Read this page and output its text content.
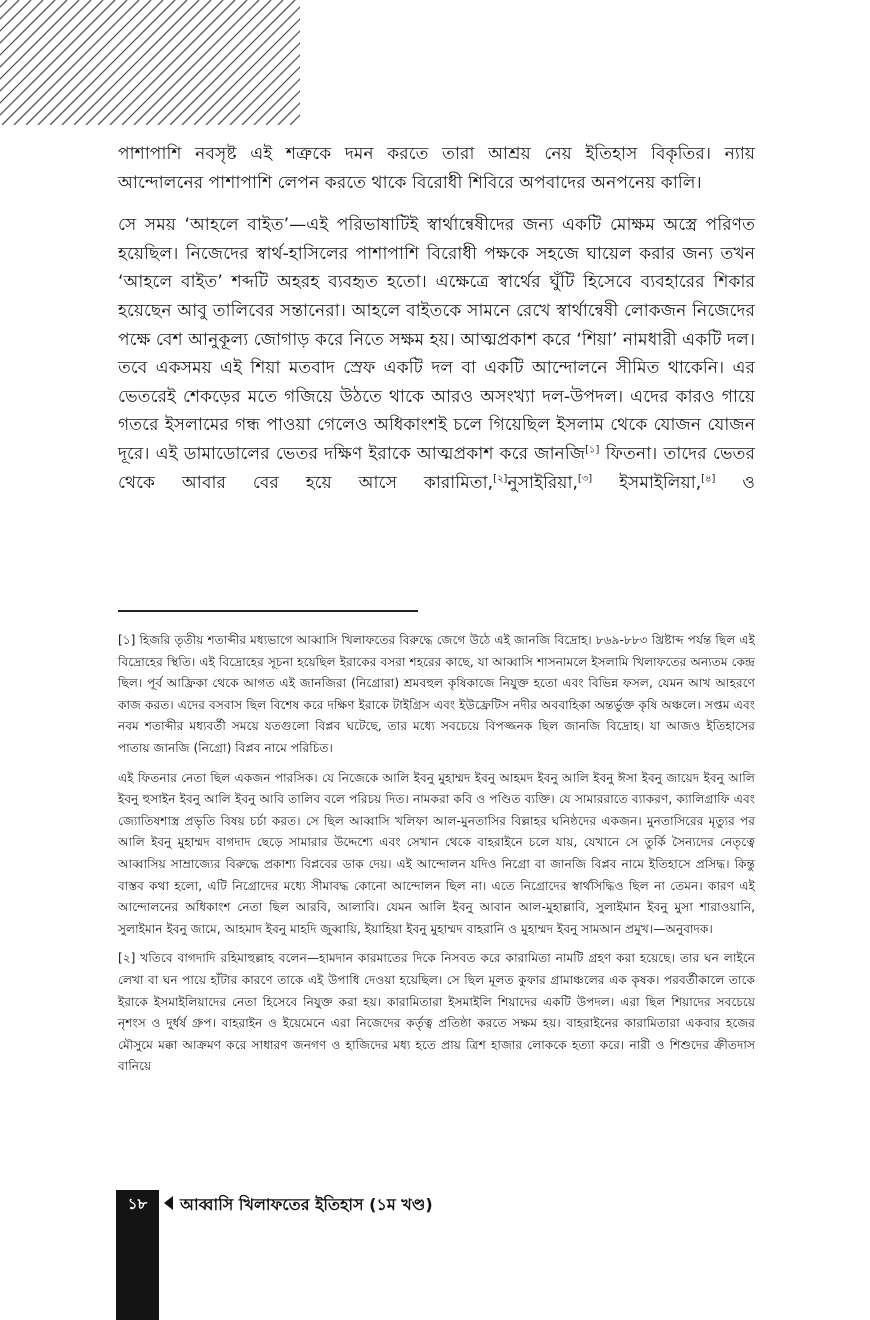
পাশাপাশি নবসৃষ্ট এই শত্রুকে দমন করতে তারা আশ্রয় নেয় ইতিহাস বিকৃতির। ন্যায় আন্দোলনের পাশাপাশি লেপন করতে থাকে বিরোধী শিবিরে অপবাদের অনপনেয় কালি।

সে সময় ‘আহলে বাইত’—এই পরিভাষাটিই স্বার্থান্বেষীদের জন্য একটি মোক্ষম অস্ত্রে পরিণত হয়েছিল। নিজেদের স্বার্থ-হাসিলের পাশাপাশি বিরোধী পক্ষকে সহজে ঘায়েল করার জন্য তখন ‘আহলে বাইত’ শব্দটি অহরহ ব্যবহৃত হতো। এক্ষেত্রে স্বার্থের ঘুঁটি হিসেবে ব্যবহারের শিকার হয়েছেন আবু তালিবের সন্তানেরা। আহলে বাইতকে সামনে রেখে স্বার্থান্বেষী লোকজন নিজেদের পক্ষে বেশ আনুকূল্য জোগাড় করে নিতে সক্ষম হয়। আত্মপ্রকাশ করে ‘শিয়া’ নামধারী একটি দল। তবে একসময় এই শিয়া মতবাদ স্রেফ একটি দল বা একটি আন্দোলনে সীমিত থাকেনি। এর ভেতরেই শেকড়ের মতে গজিয়ে উঠতে থাকে আরও অসংখ্যা দল-উপদল। এদের কারও গায়ে গতরে ইসলামের গন্ধ পাওয়া গেলেও অধিকাংশই চলে গিয়েছিল ইসলাম থেকে যোজন যোজন দূরে। এই ডামাডোলের ভেতর দক্ষিণ ইরাকে আত্মপ্রকাশ করে জানজি[১] ফিতনা। তাদের ভেতর থেকে আবার বের হয়ে আসে কারামিতা,[২]নুসাইরিয়া,[৩] ইসমাইলিয়া,[৪] ও

[১] হিজরি তৃতীয় শতাব্দীর মধ্যভাগে আব্বাসি খিলাফতের বিরুদ্ধে জেগে উঠে এই জানজি বিদ্রোহ। ৮৬৯-৮৮৩ খ্রিষ্টাব্দ পর্যন্ত ছিল এই বিদ্রোহের স্থিতি। এই বিদ্রোহের সূচনা হয়েছিল ইরাকের বসরা শহরের কাছে, যা আব্বাসি শাসনামলে ইসলামি খিলাফতের অন্যতম কেন্দ্র ছিল। পূর্ব আফ্রিকা থেকে আগত এই জানজিরা (নিগ্রোরা) শ্রমবহুল কৃষিকাজে নিযুক্ত হতো এবং বিভিন্ন ফসল, যেমন আখ আহরণে কাজ করত। এদের বসবাস ছিল বিশেষ করে দক্ষিণ ইরাকে টাইগ্রিস এবং ইউফ্রেটিস নদীর অববাহিকা অন্তর্ভুক্ত কৃষি অঞ্চলে। সপ্তম এবং নবম শতাব্দীর মধ্যবর্তী সময়ে যতগুলো বিপ্লব ঘটেছে, তার মধ্যে সবচেয়ে বিপজ্জনক ছিল জানজি বিদ্রোহ। যা আজও ইতিহাসের পাতায় জানজি (নিগ্রো) বিপ্লব নামে পরিচিত।

এই ফিতনার নেতা ছিল একজন পারসিক। যে নিজেকে আলি ইবনু মুহাম্মদ ইবনু আহমদ ইবনু আলি ইবনু ঈসা ইবনু জায়েদ ইবনু আলি ইবনু হুসাইন ইবনু আলি ইবনু আবি তালিব বলে পরিচয় দিত। নামকরা কবি ও পণ্ডিত ব্যক্তি। যে সামাররাতে ব্যাকরণ, ক্যালিগ্রাফি এবং জ্যোতিষশাস্ত্র প্রভৃতি বিষয় চর্চা করত। সে ছিল আব্বাসি খলিফা আল-মুনতাসির বিল্লাহর ঘনিষ্ঠদের একজন। মুনতাসিরের মৃত্যুর পর আলি ইবনু মুহাম্মদ বাগদাদ ছেড়ে সামারার উদ্দেশ্যে এবং সেখান থেকে বাহরাইনে চলে যায়, যেখানে সে তুর্কি সৈন্যদের নেতৃত্বে আব্বাসিয় সাম্রাজ্যের বিরুদ্ধে প্রকাশ্য বিপ্লবের ডাক দেয়। এই আন্দোলন যদিও নিগ্রো বা জানজি বিপ্লব নামে ইতিহাসে প্রসিদ্ধ। কিন্তু বাস্তব কথা হলো, এটি নিগ্রোদের মধ্যে সীমাবদ্ধ কোনো আন্দোলন ছিল না। এতে নিগ্রোদের স্বার্থসিদ্ধিও ছিল না তেমন। কারণ এই আন্দোলনের অধিকাংশ নেতা ছিল আরবি, আলাবি। যেমন আলি ইবনু আবান আল-মুহাল্লাবি, সুলাইমান ইবনু মুসা শারাওয়ানি, সুলাইমান ইবনু জামে, আহমাদ ইবনু মাহদি জুব্বায়ি, ইয়াহিয়া ইবনু মুহাম্মদ বাহরানি ও মুহাম্মদ ইবনু সামআন প্রমুখ।—অনুবাদক।

[২] খতিবে বাগদাদি রহিমাহুল্লাহ বলেন—হামদান কারমাতের দিকে নিসবত করে কারামিতা নামটি গ্রহণ করা হয়েছে। তার ঘন লাইনে লেখা বা ঘন পায়ে হাঁটার কারণে তাকে এই উপাধি দেওয়া হয়েছিল। সে ছিল মূলত কুফার গ্রামাঞ্চলের এক কৃষক। পরবর্তীকালে তাকে ইরাকে ইসমাইলিয়াদের নেতা হিসেবে নিযুক্ত করা হয়। কারামিতারা ইসমাইলি শিয়াদের একটি উপদল। এরা ছিল শিয়াদের সবচেয়ে নৃশংস ও দুর্ধর্ষ গ্রুপ। বাহরাইন ও ইয়েমেনে এরা নিজেদের কর্তৃত্ব প্রতিষ্ঠা করতে সক্ষম হয়। বাহরাইনের কারামিতারা একবার হজের মৌসুমে মক্কা আক্রমণ করে সাধারণ জনগণ ও হাজিদের মধ্য হতে প্রায় ত্রিশ হাজার লোককে হত্যা করে। নারী ও শিশুদের ক্রীতদাস বানিয়ে

১৮	আব্বাসি খিলাফতের ইতিহাস (১ম খণ্ড)
